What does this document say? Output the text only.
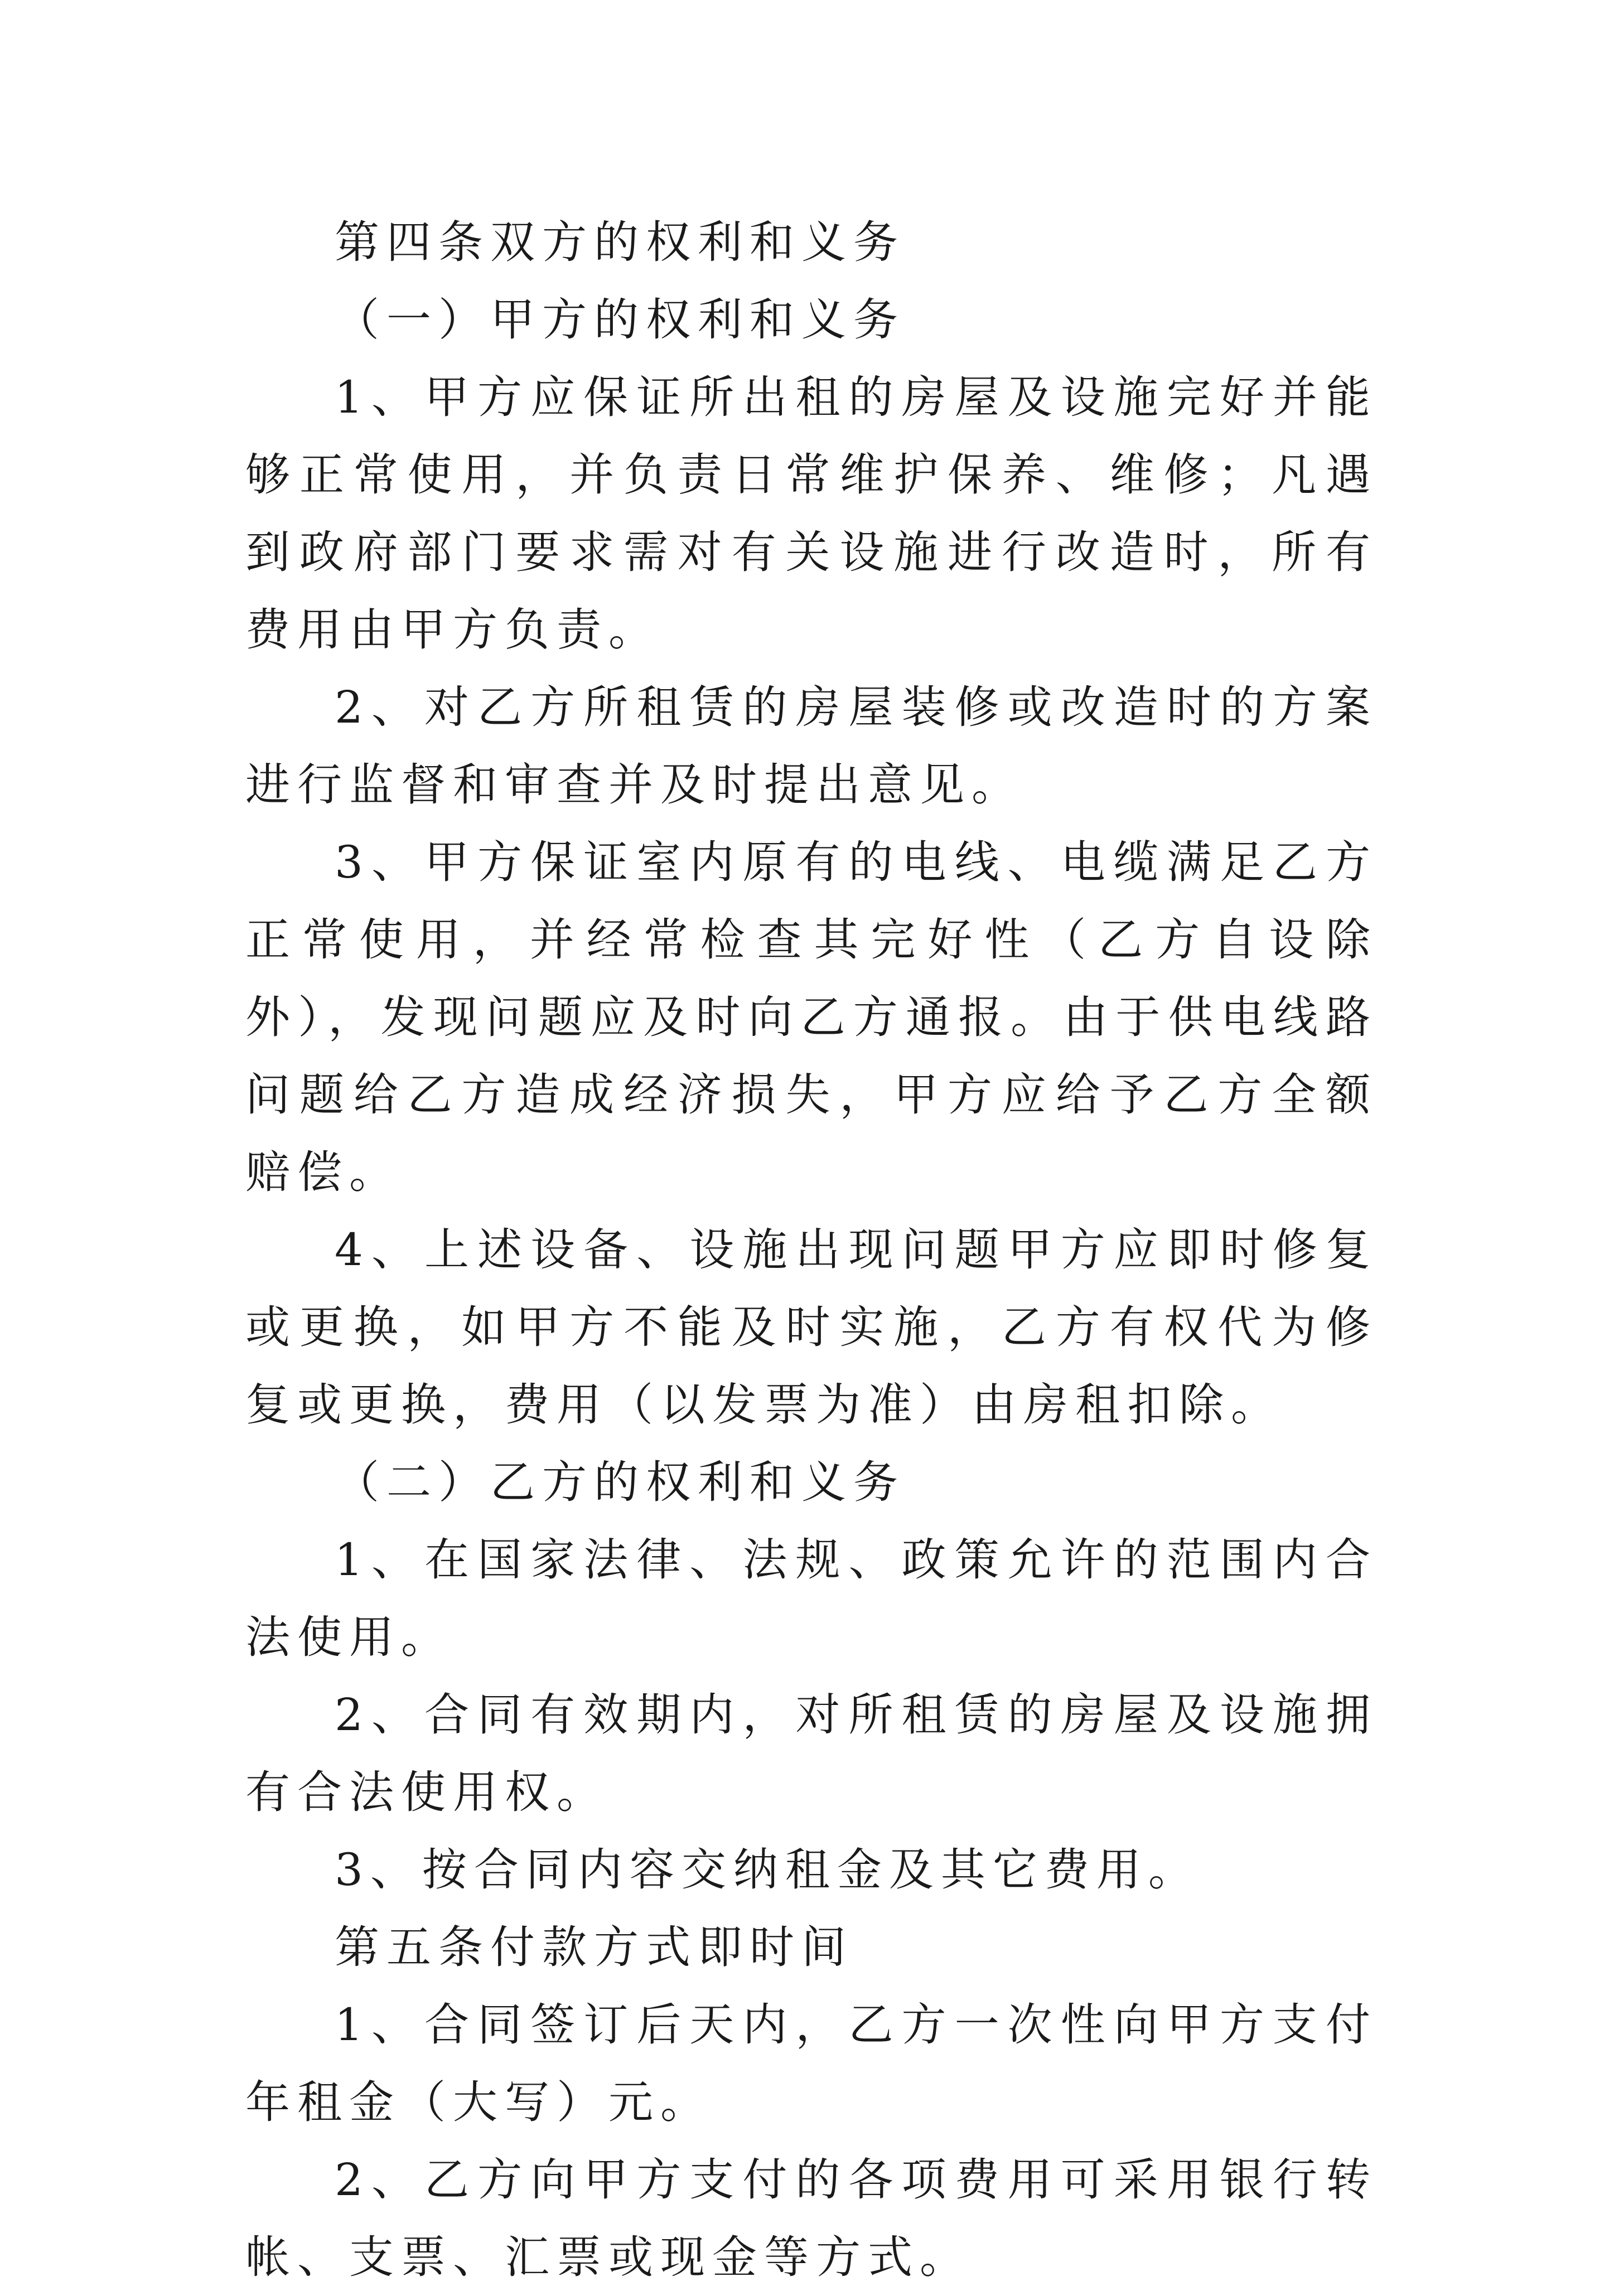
第四条双方的权利和义务

（一）甲方的权利和义务

1、甲方应保证所出租的房屋及设施完好并能够正常使用，并负责日常维护保养、维修；凡遇到政府部门要求需对有关设施进行改造时，所有费用由甲方负责。

2、对乙方所租赁的房屋装修或改造时的方案进行监督和审查并及时提出意见。

3、甲方保证室内原有的电线、电缆满足乙方正常使用，并经常检查其完好性（乙方自设除外），发现问题应及时向乙方通报。由于供电线路问题给乙方造成经济损失，甲方应给予乙方全额赔偿。

4、上述设备、设施出现问题甲方应即时修复或更换，如甲方不能及时实施，乙方有权代为修复或更换，费用（以发票为准）由房租扣除。

（二）乙方的权利和义务

1、在国家法律、法规、政策允许的范围内合法使用。

2、合同有效期内，对所租赁的房屋及设施拥有合法使用权。

3、按合同内容交纳租金及其它费用。

第五条付款方式即时间

1、合同签订后天内，乙方一次性向甲方支付年租金（大写）元。

2、乙方向甲方支付的各项费用可采用银行转帐、支票、汇票或现金等方式。
